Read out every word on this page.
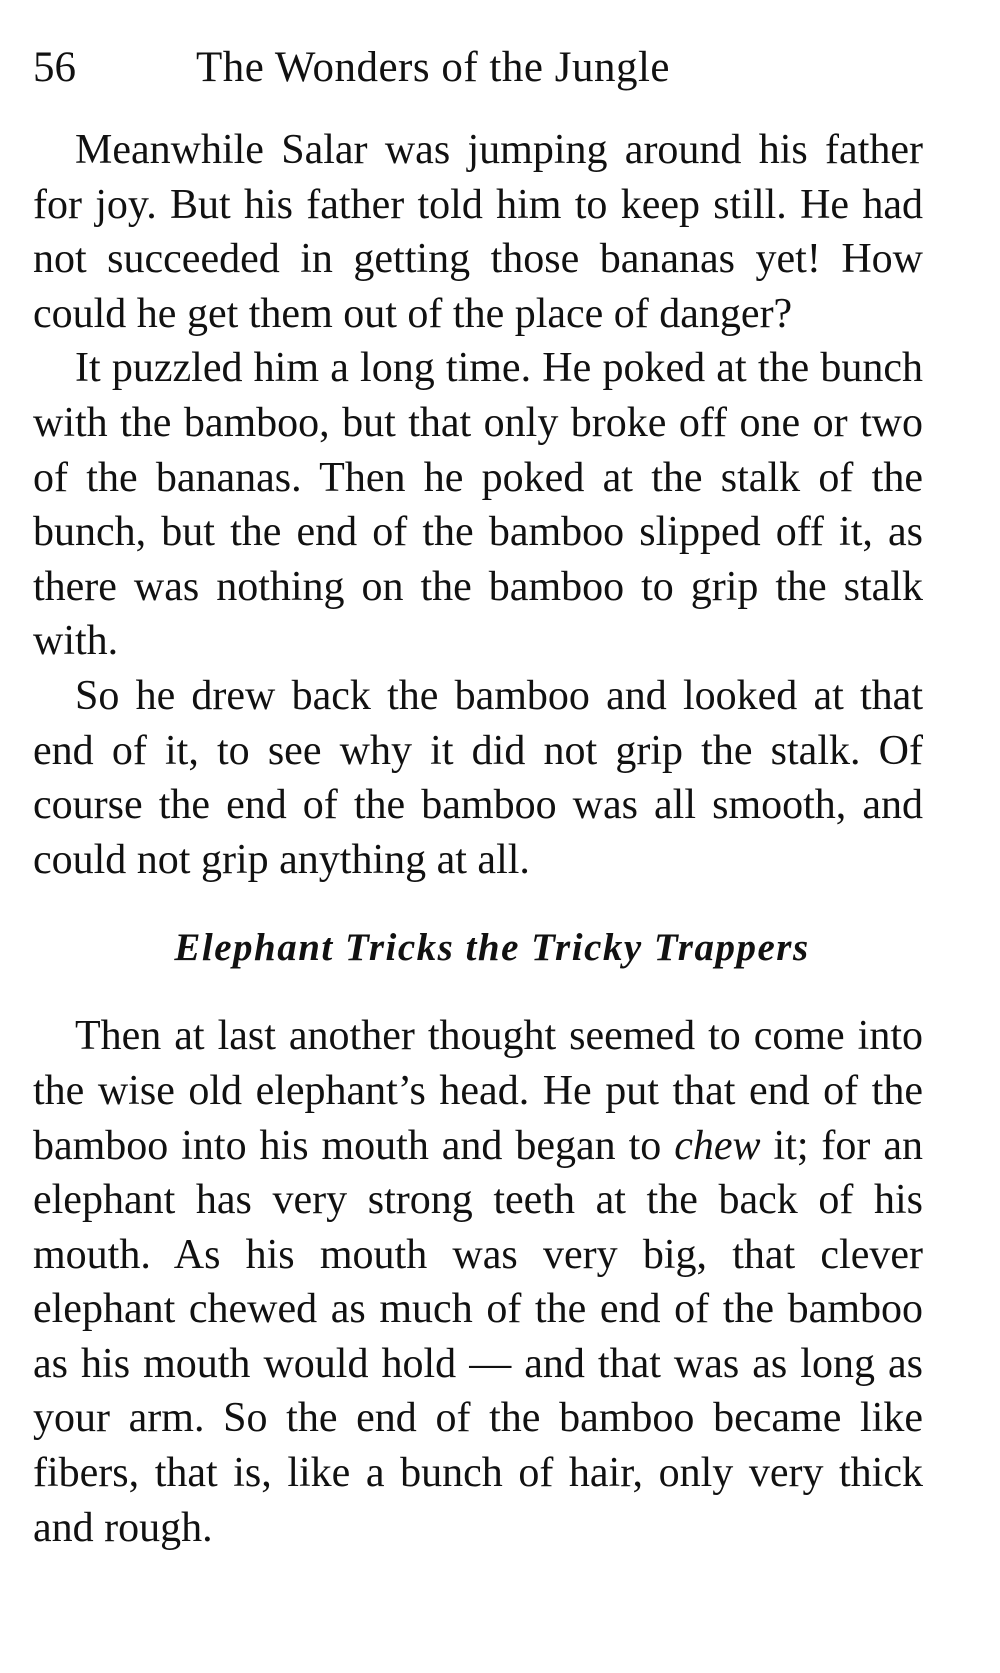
56	The Wonders of the Jungle

Meanwhile Salar was jumping around his father for joy. But his father told him to keep still. He had not succeeded in getting those bananas yet! How could he get them out of the place of danger?

It puzzled him a long time. He poked at the bunch with the bamboo, but that only broke off one or two of the bananas. Then he poked at the stalk of the bunch, but the end of the bamboo slipped off it, as there was nothing on the bamboo to grip the stalk with.

So he drew back the bamboo and looked at that end of it, to see why it did not grip the stalk. Of course the end of the bamboo was all smooth, and could not grip anything at all.

Elephant Tricks the Tricky Trappers

Then at last another thought seemed to come into the wise old elephant’s head. He put that end of the bamboo into his mouth and began to chew it; for an elephant has very strong teeth at the back of his mouth. As his mouth was very big, that clever elephant chewed as much of the end of the bamboo as his mouth would hold — and that was as long as your arm. So the end of the bamboo became like fibers, that is, like a bunch of hair, only very thick and rough.
